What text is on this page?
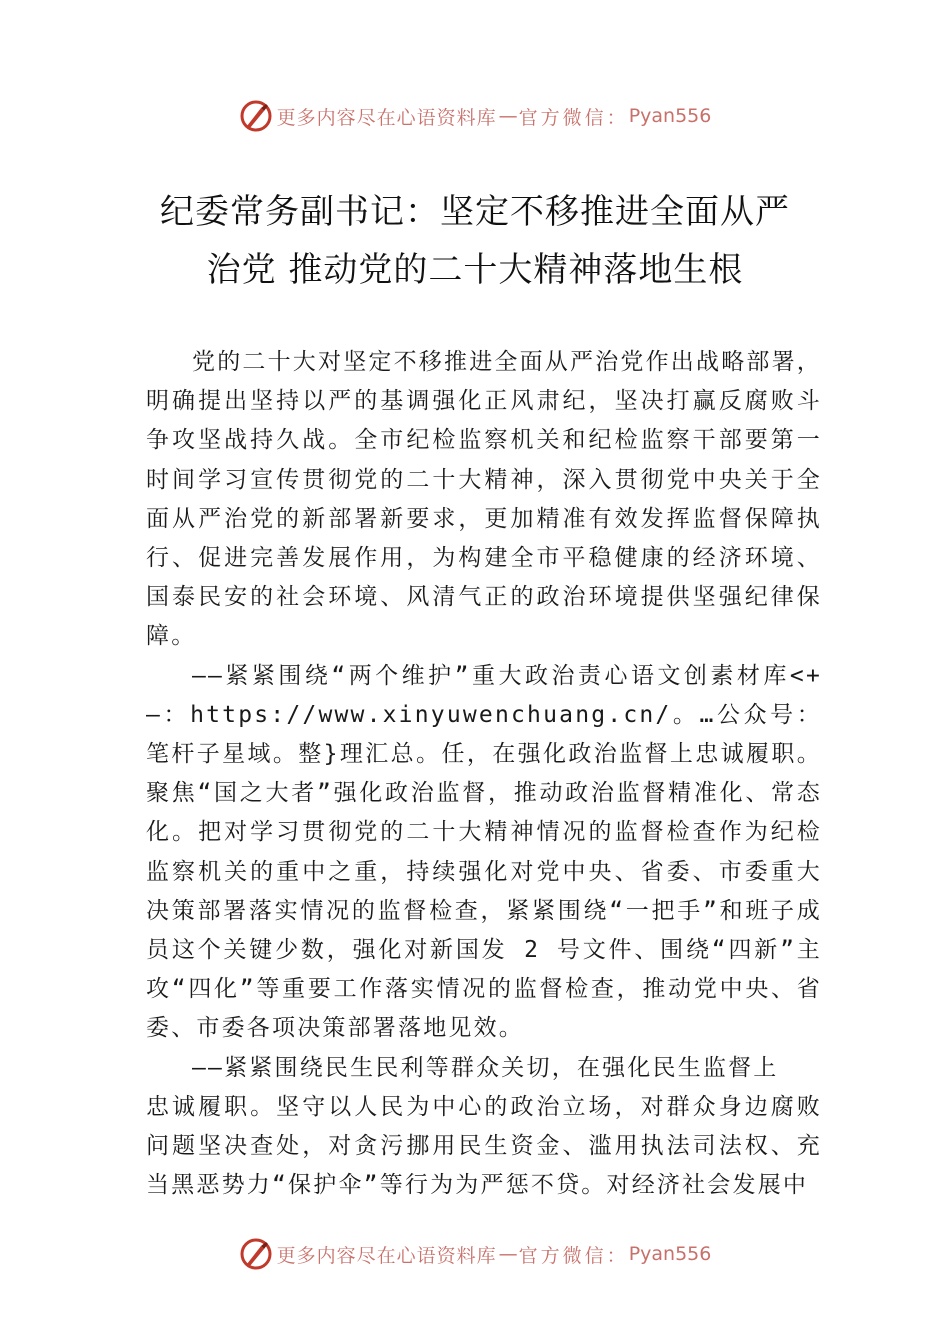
更多内容尽在心语资料库 — 官方微信： Pyan556
纪委常务副书记：坚定不移推进全面从严
治党 推动党的二十大精神落地生根

党的二十大对坚定不移推进全面从严治党作出战略部署，明确提出坚持以严的基调强化正风肃纪，坚决打赢反腐败斗争攻坚战持久战。全市纪检监察机关和纪检监察干部要第一时间学习宣传贯彻党的二十大精神，深入贯彻党中央关于全面从严治党的新部署新要求，更加精准有效发挥监督保障执行、促进完善发展作用，为构建全市平稳健康的经济环境、国泰民安的社会环境、风清气正的政治环境提供坚强纪律保障。

——紧紧围绕“两个维护”重大政治责心语文创素材库<+—：https://www.xinyuwenchuang.cn/。…公众号：笔杆子星域。整}理汇总。任，在强化政治监督上忠诚履职。聚焦“国之大者”强化政治监督，推动政治监督精准化、常态化。把对学习贯彻党的二十大精神情况的监督检查作为纪检监察机关的重中之重，持续强化对党中央、省委、市委重大决策部署落实情况的监督检查，紧紧围绕“一把手”和班子成员这个关键少数，强化对新国发 2 号文件、围绕“四新”主攻“四化”等重要工作落实情况的监督检查，推动党中央、省委、市委各项决策部署落地见效。

——紧紧围绕民生民利等群众关切，在强化民生监督上

忠诚履职。坚守以人民为中心的政治立场，对群众身边腐败问题坚决查处，对贪污挪用民生资金、滥用执法司法权、充当黑恶势力“保护伞”等行为为严惩不贷。对经济社会发展中

更多内容尽在心语资料库 — 官方微信： Pyan556
